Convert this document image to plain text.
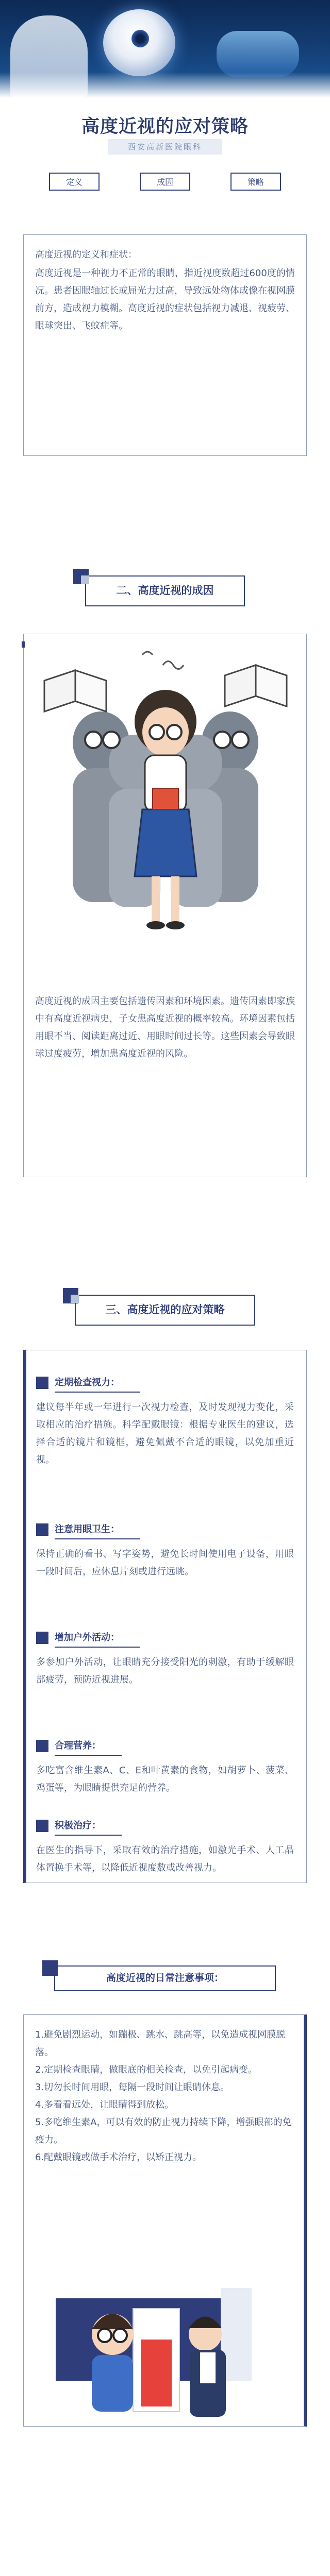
高度近视的应对策略
西安高新医院眼科
定义	成因	策略

高度近视的定义和症状：

高度近视是一种视力不正常的眼睛，指近视度数超过600度的情况。患者因眼轴过长或屈光力过高，导致远处物体成像在视网膜前方，造成视力模糊。高度近视的症状包括视力减退、视疲劳、眼球突出、飞蚊症等。

二、高度近视的成因

高度近视的成因主要包括遗传因素和环境因素。遗传因素即家族中有高度近视病史，子女患高度近视的概率较高。环境因素包括用眼不当、阅读距离过近、用眼时间过长等。这些因素会导致眼球过度疲劳，增加患高度近视的风险。

三、高度近视的应对策略
定期检查视力：
建议每半年或一年进行一次视力检查，及时发现视力变化，采取相应的治疗措施。科学配戴眼镜：根据专业医生的建议，选择合适的镜片和镜框，避免佩戴不合适的眼镜，以免加重近视。
注意用眼卫生：
保持正确的看书、写字姿势，避免长时间使用电子设备，用眼一段时间后，应休息片刻或进行远眺。
增加户外活动：
多参加户外活动，让眼睛充分接受阳光的刺激，有助于缓解眼部疲劳，预防近视进展。
合理营养：
多吃富含维生素A、C、E和叶黄素的食物，如胡萝卜、菠菜、鸡蛋等，为眼睛提供充足的营养。
积极治疗：
在医生的指导下，采取有效的治疗措施，如激光手术、人工晶体置换手术等，以降低近视度数或改善视力。
高度近视的日常注意事项：
1.避免剧烈运动，如蹦极、跳水、跳高等，以免造成视网膜脱落。
2.定期检查眼睛，做眼底的相关检查，以免引起病变。
3.切勿长时间用眼，每隔一段时间让眼睛休息。
4.多看看远处，让眼睛得到放松。
5.多吃维生素A，可以有效的防止视力持续下降，增强眼部的免疫力。
6.配戴眼镜或做手术治疗，以矫正视力。
